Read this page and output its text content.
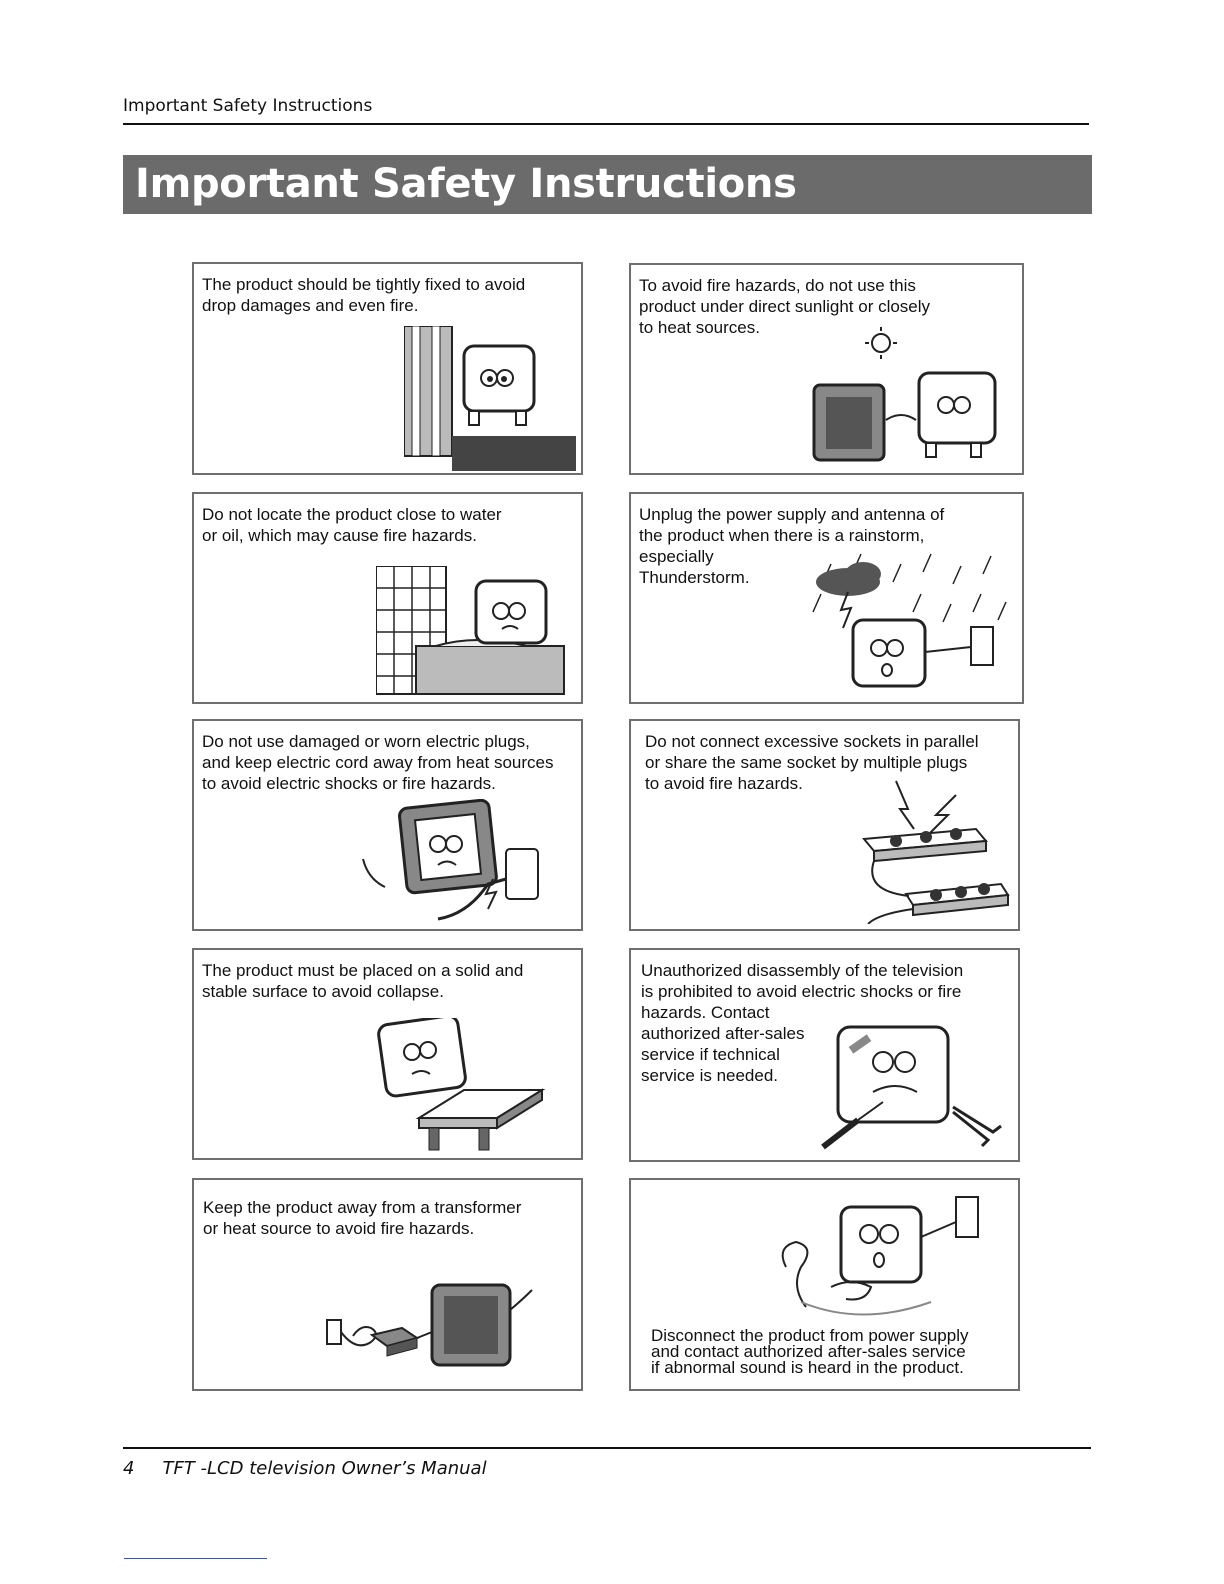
Important Safety Instructions
Important Safety Instructions
The product should be tightly fixed to avoid
drop damages and even fire.
To avoid fire hazards, do not use this
product under direct sunlight or closely
to heat sources.
Do not locate the product close to water
or oil, which may cause fire hazards.
Unplug the power supply and antenna of
the product when there is a rainstorm,
especially
Thunderstorm.
Do not use damaged or worn electric plugs,
and keep electric cord away from heat sources
to avoid electric shocks or fire hazards.
Do not connect excessive sockets in parallel
or share the same socket by multiple plugs
to avoid fire hazards.
The product must be placed on a solid and
stable surface to avoid collapse.
Unauthorized disassembly of the television
is prohibited to avoid electric shocks or fire
hazards. Contact
authorized after-sales
service if technical
service is needed.
Keep the product away from a transformer
or heat source to avoid fire hazards.
Disconnect the product from power supply
and contact authorized after-sales service
if abnormal sound is heard in the product.
4 TFT -LCD television Owner’s Manual
